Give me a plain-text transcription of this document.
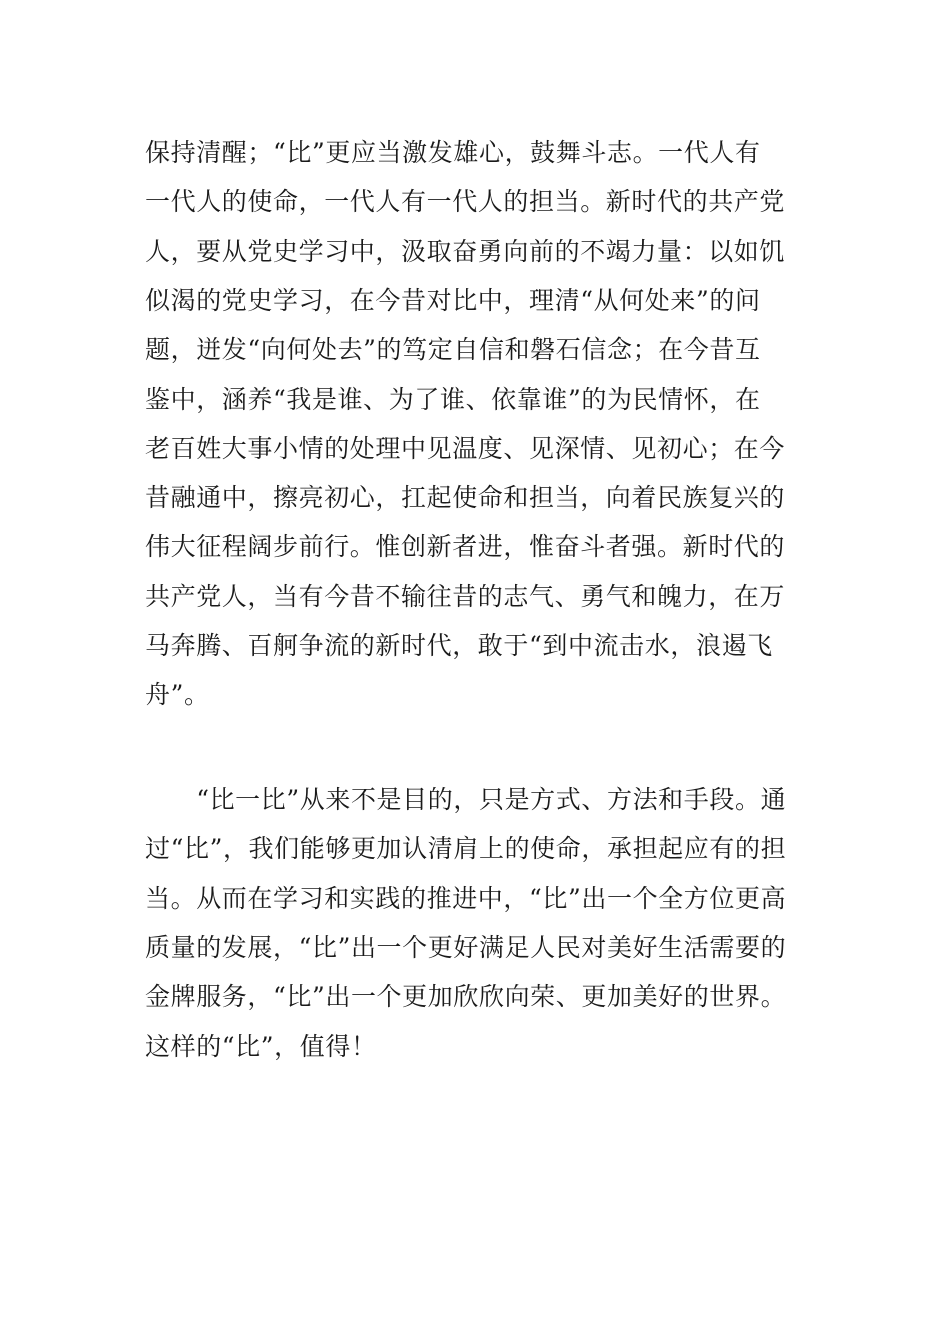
保持清醒；“比”更应当激发雄心，鼓舞斗志。一代人有
一代人的使命，一代人有一代人的担当。新时代的共产党
人，要从党史学习中，汲取奋勇向前的不竭力量：以如饥
似渴的党史学习，在今昔对比中，理清“从何处来”的问
题，迸发“向何处去”的笃定自信和磐石信念；在今昔互
鉴中，涵养“我是谁、为了谁、依靠谁”的为民情怀，在
老百姓大事小情的处理中见温度、见深情、见初心；在今
昔融通中，擦亮初心，扛起使命和担当，向着民族复兴的
伟大征程阔步前行。惟创新者进，惟奋斗者强。新时代的
共产党人，当有今昔不输往昔的志气、勇气和魄力，在万
马奔腾、百舸争流的新时代，敢于“到中流击水，浪遏飞
舟”。
　　“比一比”从来不是目的，只是方式、方法和手段。通
过“比”，我们能够更加认清肩上的使命，承担起应有的担
当。从而在学习和实践的推进中，“比”出一个全方位更高
质量的发展，“比”出一个更好满足人民对美好生活需要的
金牌服务，“比”出一个更加欣欣向荣、更加美好的世界。
这样的“比”，值得！
